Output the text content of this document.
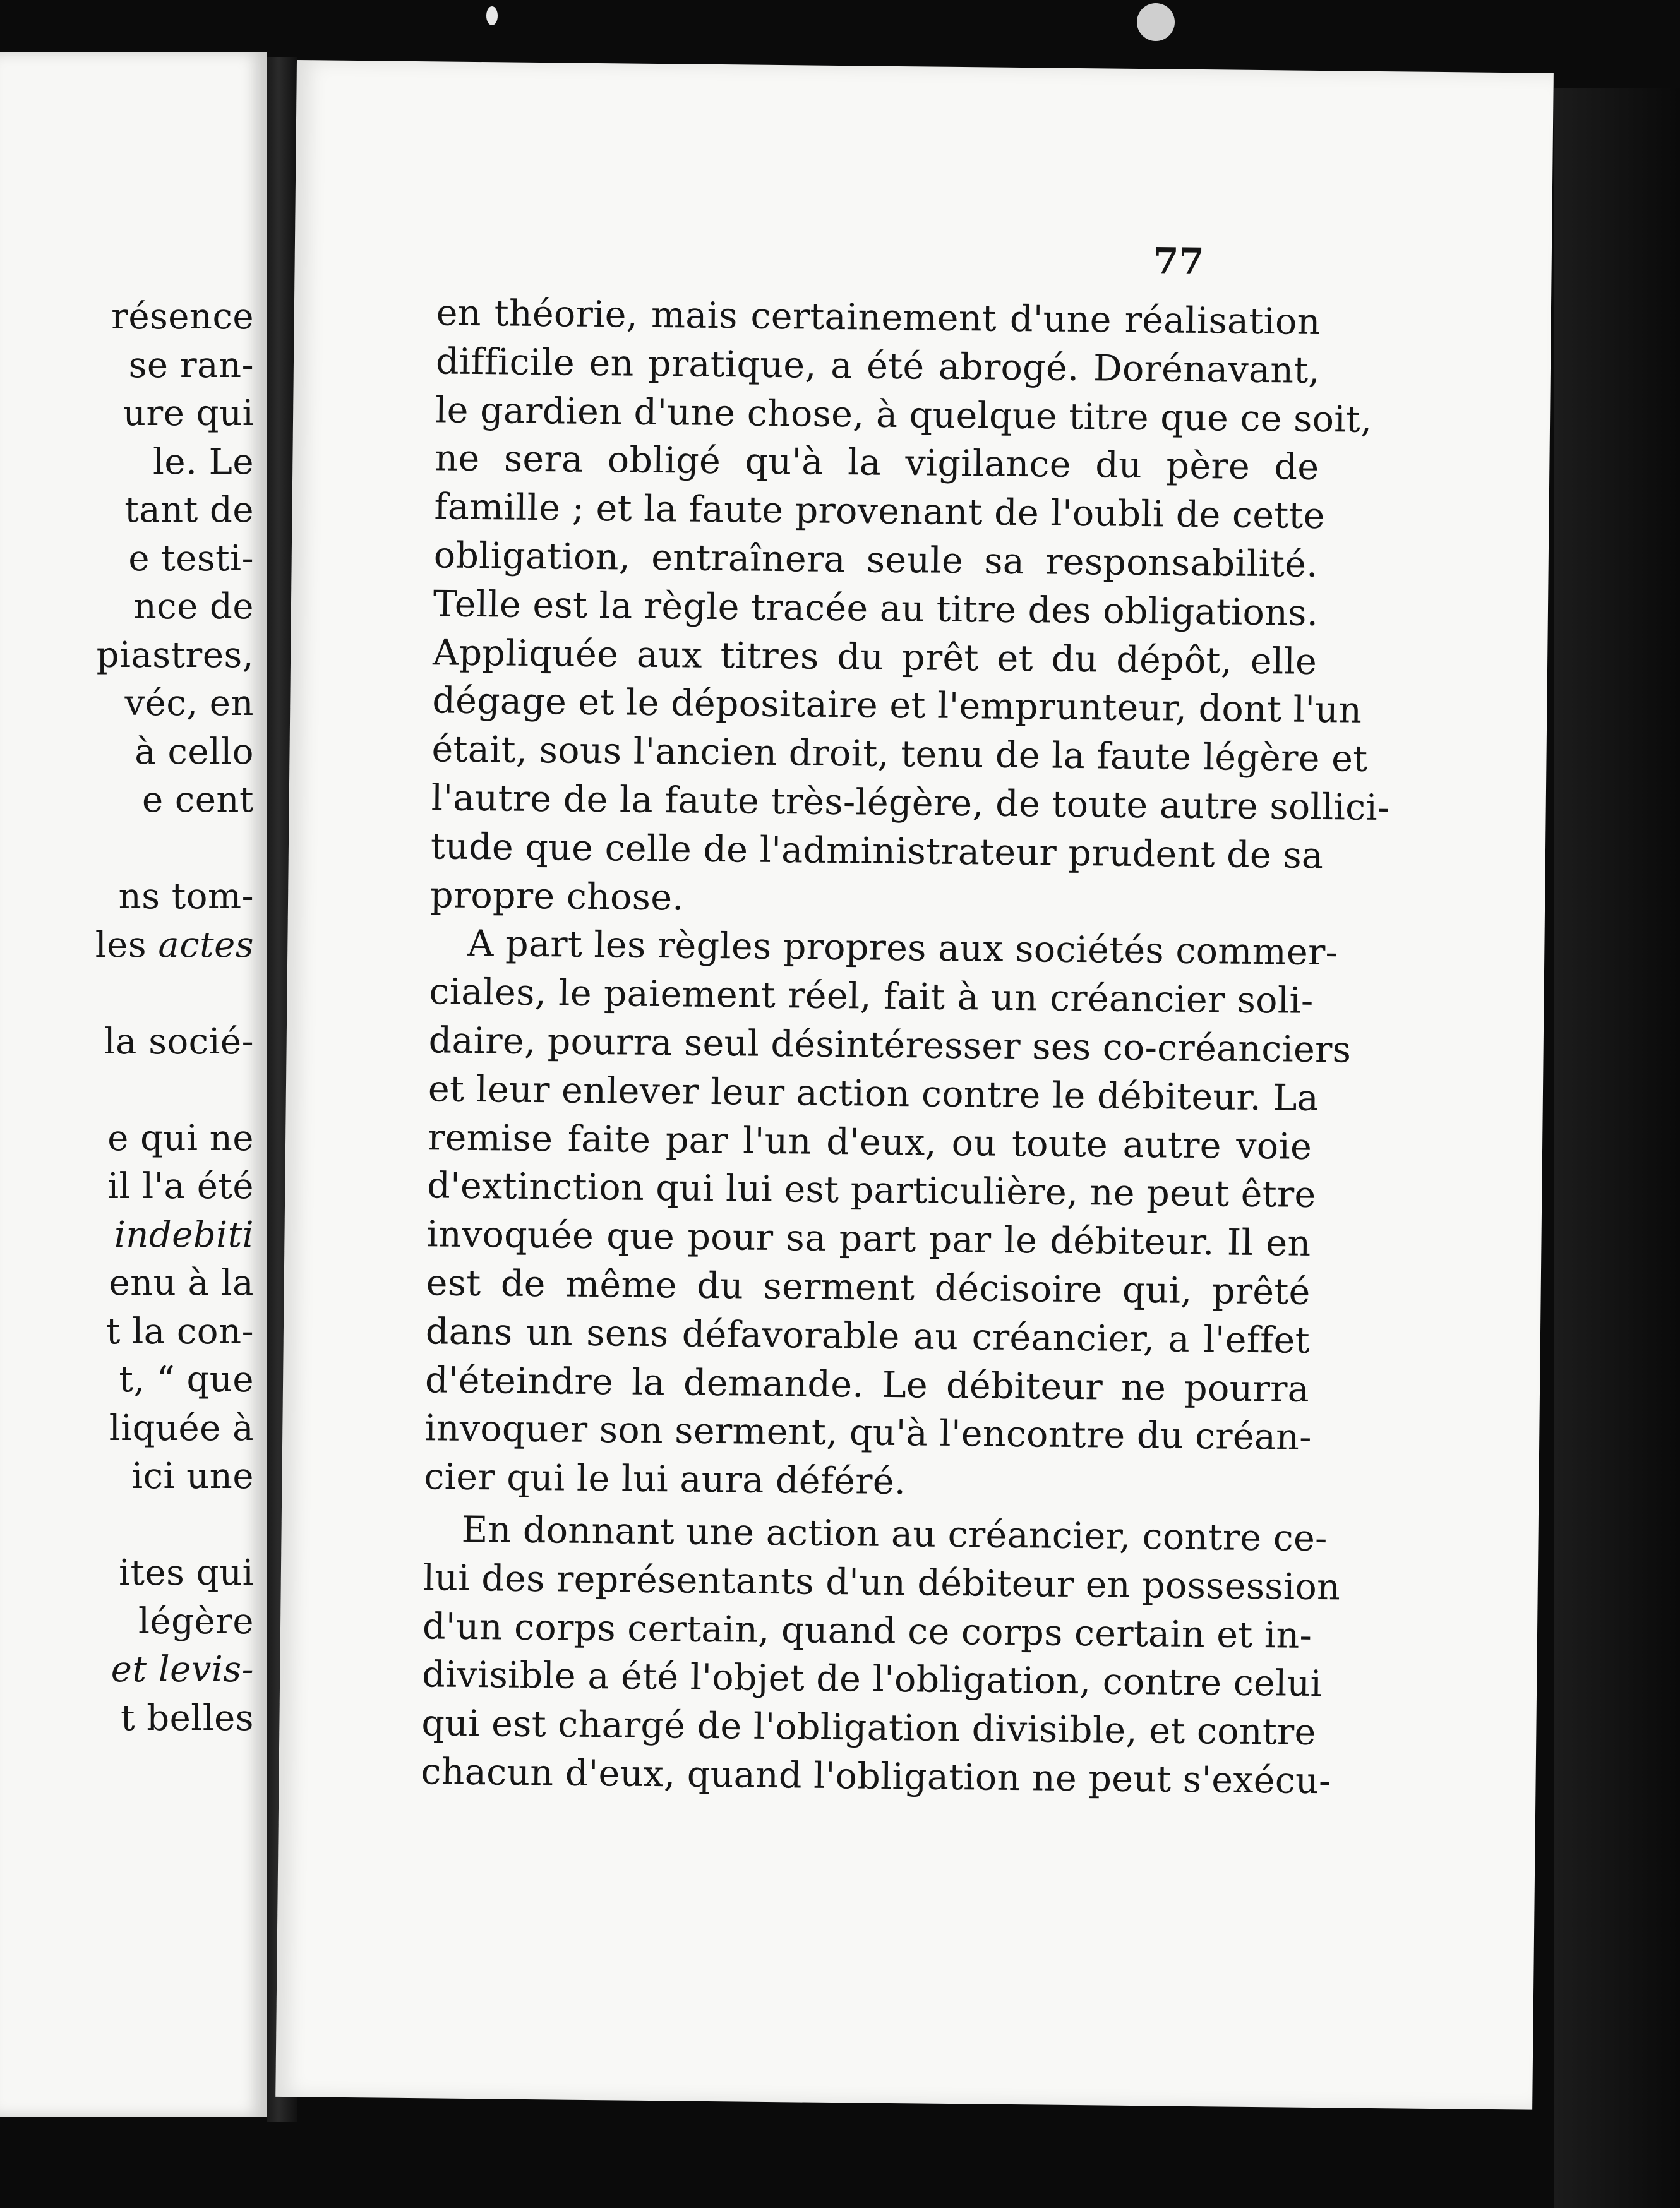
résence
se ran-
ure qui
le. Le
tant de
e testi-
nce de
piastres,
véc, en
à cello
e cent
ns tom-
les actes
la socié-
e qui ne
il l'a été
indebiti
enu à la
t la con-
t, “ que
liquée à
ici une
ites qui
légère
et levis-
t belles
77
en théorie, mais certainement d'une réalisation
difficile en pratique, a été abrogé. Dorénavant,
le gardien d'une chose, à quelque titre que ce soit,
ne sera obligé qu'à la vigilance du père de
famille ; et la faute provenant de l'oubli de cette
obligation, entraînera seule sa responsabilité.
Telle est la règle tracée au titre des obligations.
Appliquée aux titres du prêt et du dépôt, elle
dégage et le dépositaire et l'emprunteur, dont l'un
était, sous l'ancien droit, tenu de la faute légère et
l'autre de la faute très-légère, de toute autre sollici-
tude que celle de l'administrateur prudent de sa
propre chose.
A part les règles propres aux sociétés commer-
ciales, le paiement réel, fait à un créancier soli-
daire, pourra seul désintéresser ses co-créanciers
et leur enlever leur action contre le débiteur. La
remise faite par l'un d'eux, ou toute autre voie
d'extinction qui lui est particulière, ne peut être
invoquée que pour sa part par le débiteur. Il en
est de même du serment décisoire qui, prêté
dans un sens défavorable au créancier, a l'effet
d'éteindre la demande. Le débiteur ne pourra
invoquer son serment, qu'à l'encontre du créan-
cier qui le lui aura déféré.
En donnant une action au créancier, contre ce-
lui des représentants d'un débiteur en possession
d'un corps certain, quand ce corps certain et in-
divisible a été l'objet de l'obligation, contre celui
qui est chargé de l'obligation divisible, et contre
chacun d'eux, quand l'obligation ne peut s'exécu-
